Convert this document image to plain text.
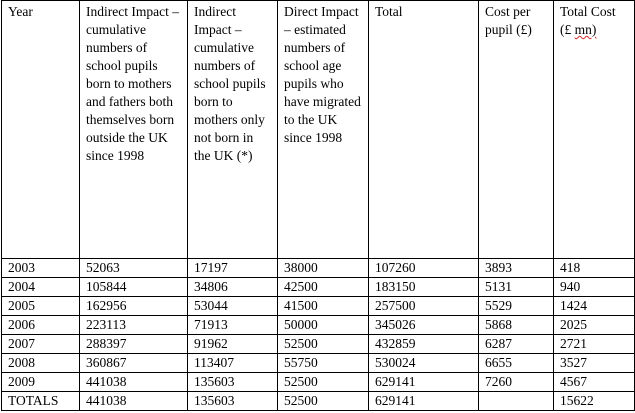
Year	Indirect Impact – cumulative numbers of school pupils born to mothers and fathers both themselves born outside the UK since 1998	Indirect Impact – cumulative numbers of school pupils born to mothers only not born in the UK (*)	Direct Impact – estimated numbers of school age pupils who have migrated to the UK since 1998	Total	Cost per pupil (£)	Total Cost (£ mn)
2003	52063	17197	38000	107260	3893	418
2004	105844	34806	42500	183150	5131	940
2005	162956	53044	41500	257500	5529	1424
2006	223113	71913	50000	345026	5868	2025
2007	288397	91962	52500	432859	6287	2721
2008	360867	113407	55750	530024	6655	3527
2009	441038	135603	52500	629141	7260	4567
TOTALS	441038	135603	52500	629141		15622
